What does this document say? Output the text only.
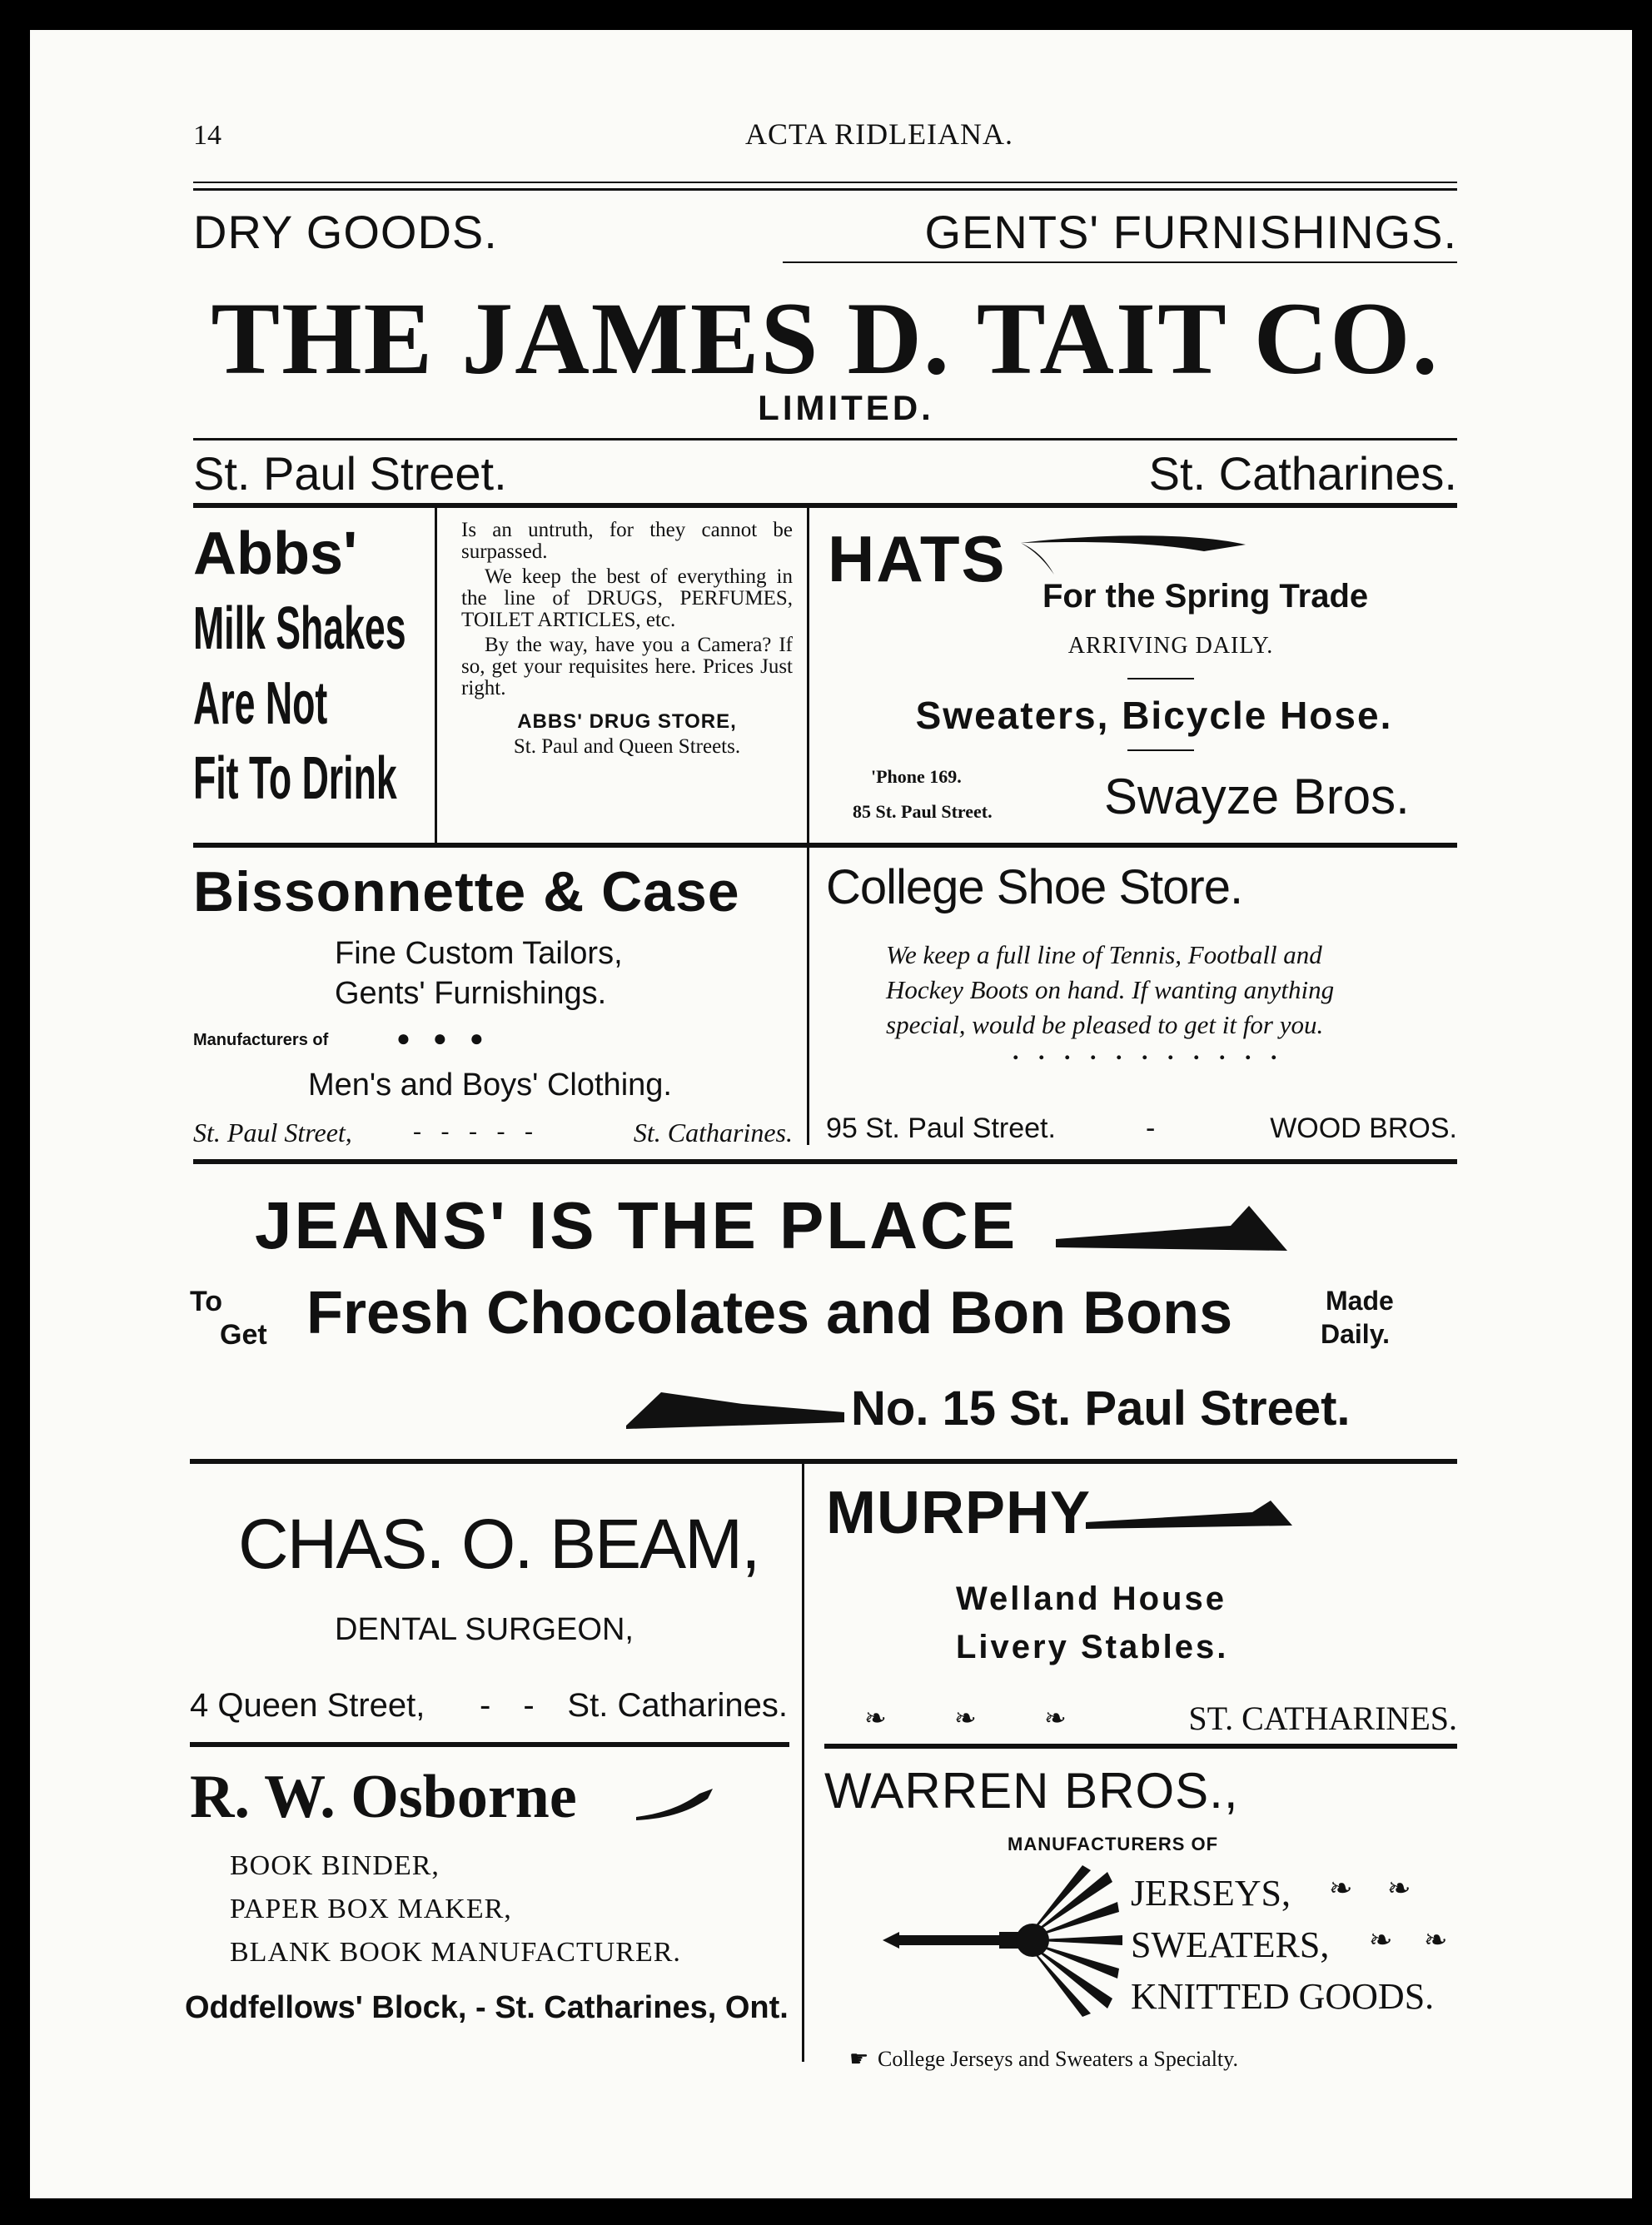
14	ACTA RIDLEIANA.
DRY GOODS.	GENTS' FURNISHINGS.
THE JAMES D. TAIT CO.
LIMITED.
St. Paul Street.	St. Catharines.
Abbs'
Milk Shakes
Are Not
Fit To Drink
Is an untruth, for they cannot be surpassed.
We keep the best of everything in the line of DRUGS, PERFUMES, TOILET ARTICLES, etc.
By the way, have you a Camera? If so, get your requisites here. Prices Just right.
ABBS' DRUG STORE,
St. Paul and Queen Streets.
HATS
For the Spring Trade
ARRIVING DAILY.
Sweaters, Bicycle Hose.
'Phone 169.
85 St. Paul Street. Swayze Bros.
Bissonnette & Case
Fine Custom Tailors,
Gents' Furnishings.
Manufacturers of	● ● ●
Men's and Boys' Clothing.
St. Paul Street, - - - - -	St. Catharines.
College Shoe Store.
We keep a full line of Tennis, Football and Hockey Boots on hand. If wanting anything special, would be pleased to get it for you.
. . . . . . . . . . .
95 St. Paul Street.	-	WOOD BROS.
JEANS' IS THE PLACE
To
Get Fresh Chocolates and Bon Bons	Made
Daily.
No. 15 St. Paul Street.
CHAS. O. BEAM,
DENTAL SURGEON,
4 Queen Street, - - St. Catharines.
MURPHY
Welland House
Livery Stables.
❧	❧	❧	ST. CATHARINES.
R. W. Osborne
BOOK BINDER,
PAPER BOX MAKER,
BLANK BOOK MANUFACTURER.
Oddfellows' Block, - St. Catharines, Ont.
WARREN BROS.,
MANUFACTURERS OF
JERSEYS, ❧ ❧
SWEATERS, ❧ ❧
KNITTED GOODS.
☛ College Jerseys and Sweaters a Specialty.
